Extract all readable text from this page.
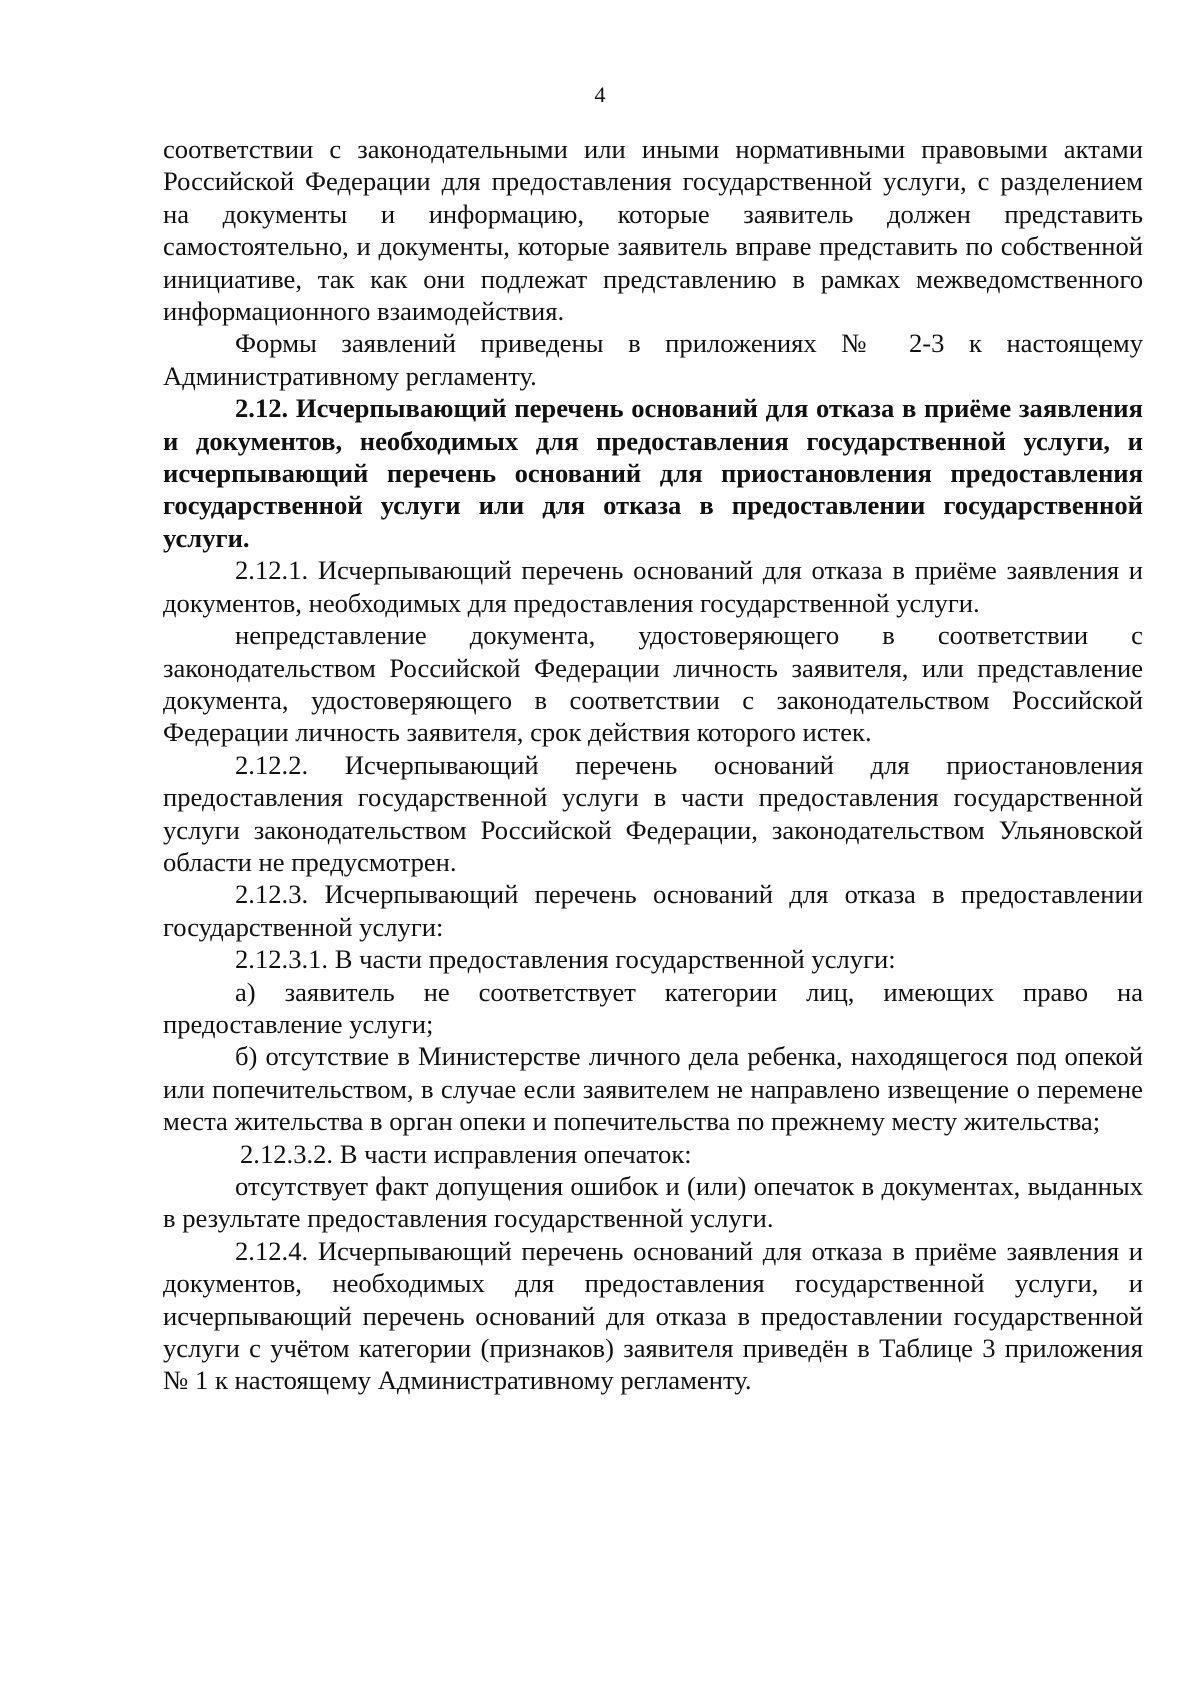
4

соответствии с законодательными или иными нормативными правовыми актами Российской Федерации для предоставления государственной услуги, с разделением на документы и информацию, которые заявитель должен представить самостоятельно, и документы, которые заявитель вправе представить по собственной инициативе, так как они подлежат представлению в рамках межведомственного информационного взаимодействия.

Формы заявлений приведены в приложениях № 2-3 к настоящему Административному регламенту.

2.12. Исчерпывающий перечень оснований для отказа в приёме заявления и документов, необходимых для предоставления государственной услуги, и исчерпывающий перечень оснований для приостановления предоставления государственной услуги или для отказа в предоставлении государственной услуги.

2.12.1. Исчерпывающий перечень оснований для отказа в приёме заявления и документов, необходимых для предоставления государственной услуги.

непредставление документа, удостоверяющего в соответствии с законодательством Российской Федерации личность заявителя, или представление документа, удостоверяющего в соответствии с законодательством Российской Федерации личность заявителя, срок действия которого истек.

2.12.2. Исчерпывающий перечень оснований для приостановления предоставления государственной услуги в части предоставления государственной услуги законодательством Российской Федерации, законодательством Ульяновской области не предусмотрен.

2.12.3. Исчерпывающий перечень оснований для отказа в предоставлении государственной услуги:

2.12.3.1. В части предоставления государственной услуги:

а) заявитель не соответствует категории лиц, имеющих право на предоставление услуги;

б) отсутствие в Министерстве личного дела ребенка, находящегося под опекой или попечительством, в случае если заявителем не направлено извещение о перемене места жительства в орган опеки и попечительства по прежнему месту жительства;

2.12.3.2. В части исправления опечаток:

отсутствует факт допущения ошибок и (или) опечаток в документах, выданных в результате предоставления государственной услуги.

2.12.4. Исчерпывающий перечень оснований для отказа в приёме заявления и документов, необходимых для предоставления государственной услуги, и исчерпывающий перечень оснований для отказа в предоставлении государственной услуги с учётом категории (признаков) заявителя приведён в Таблице 3 приложения № 1 к настоящему Административному регламенту.
